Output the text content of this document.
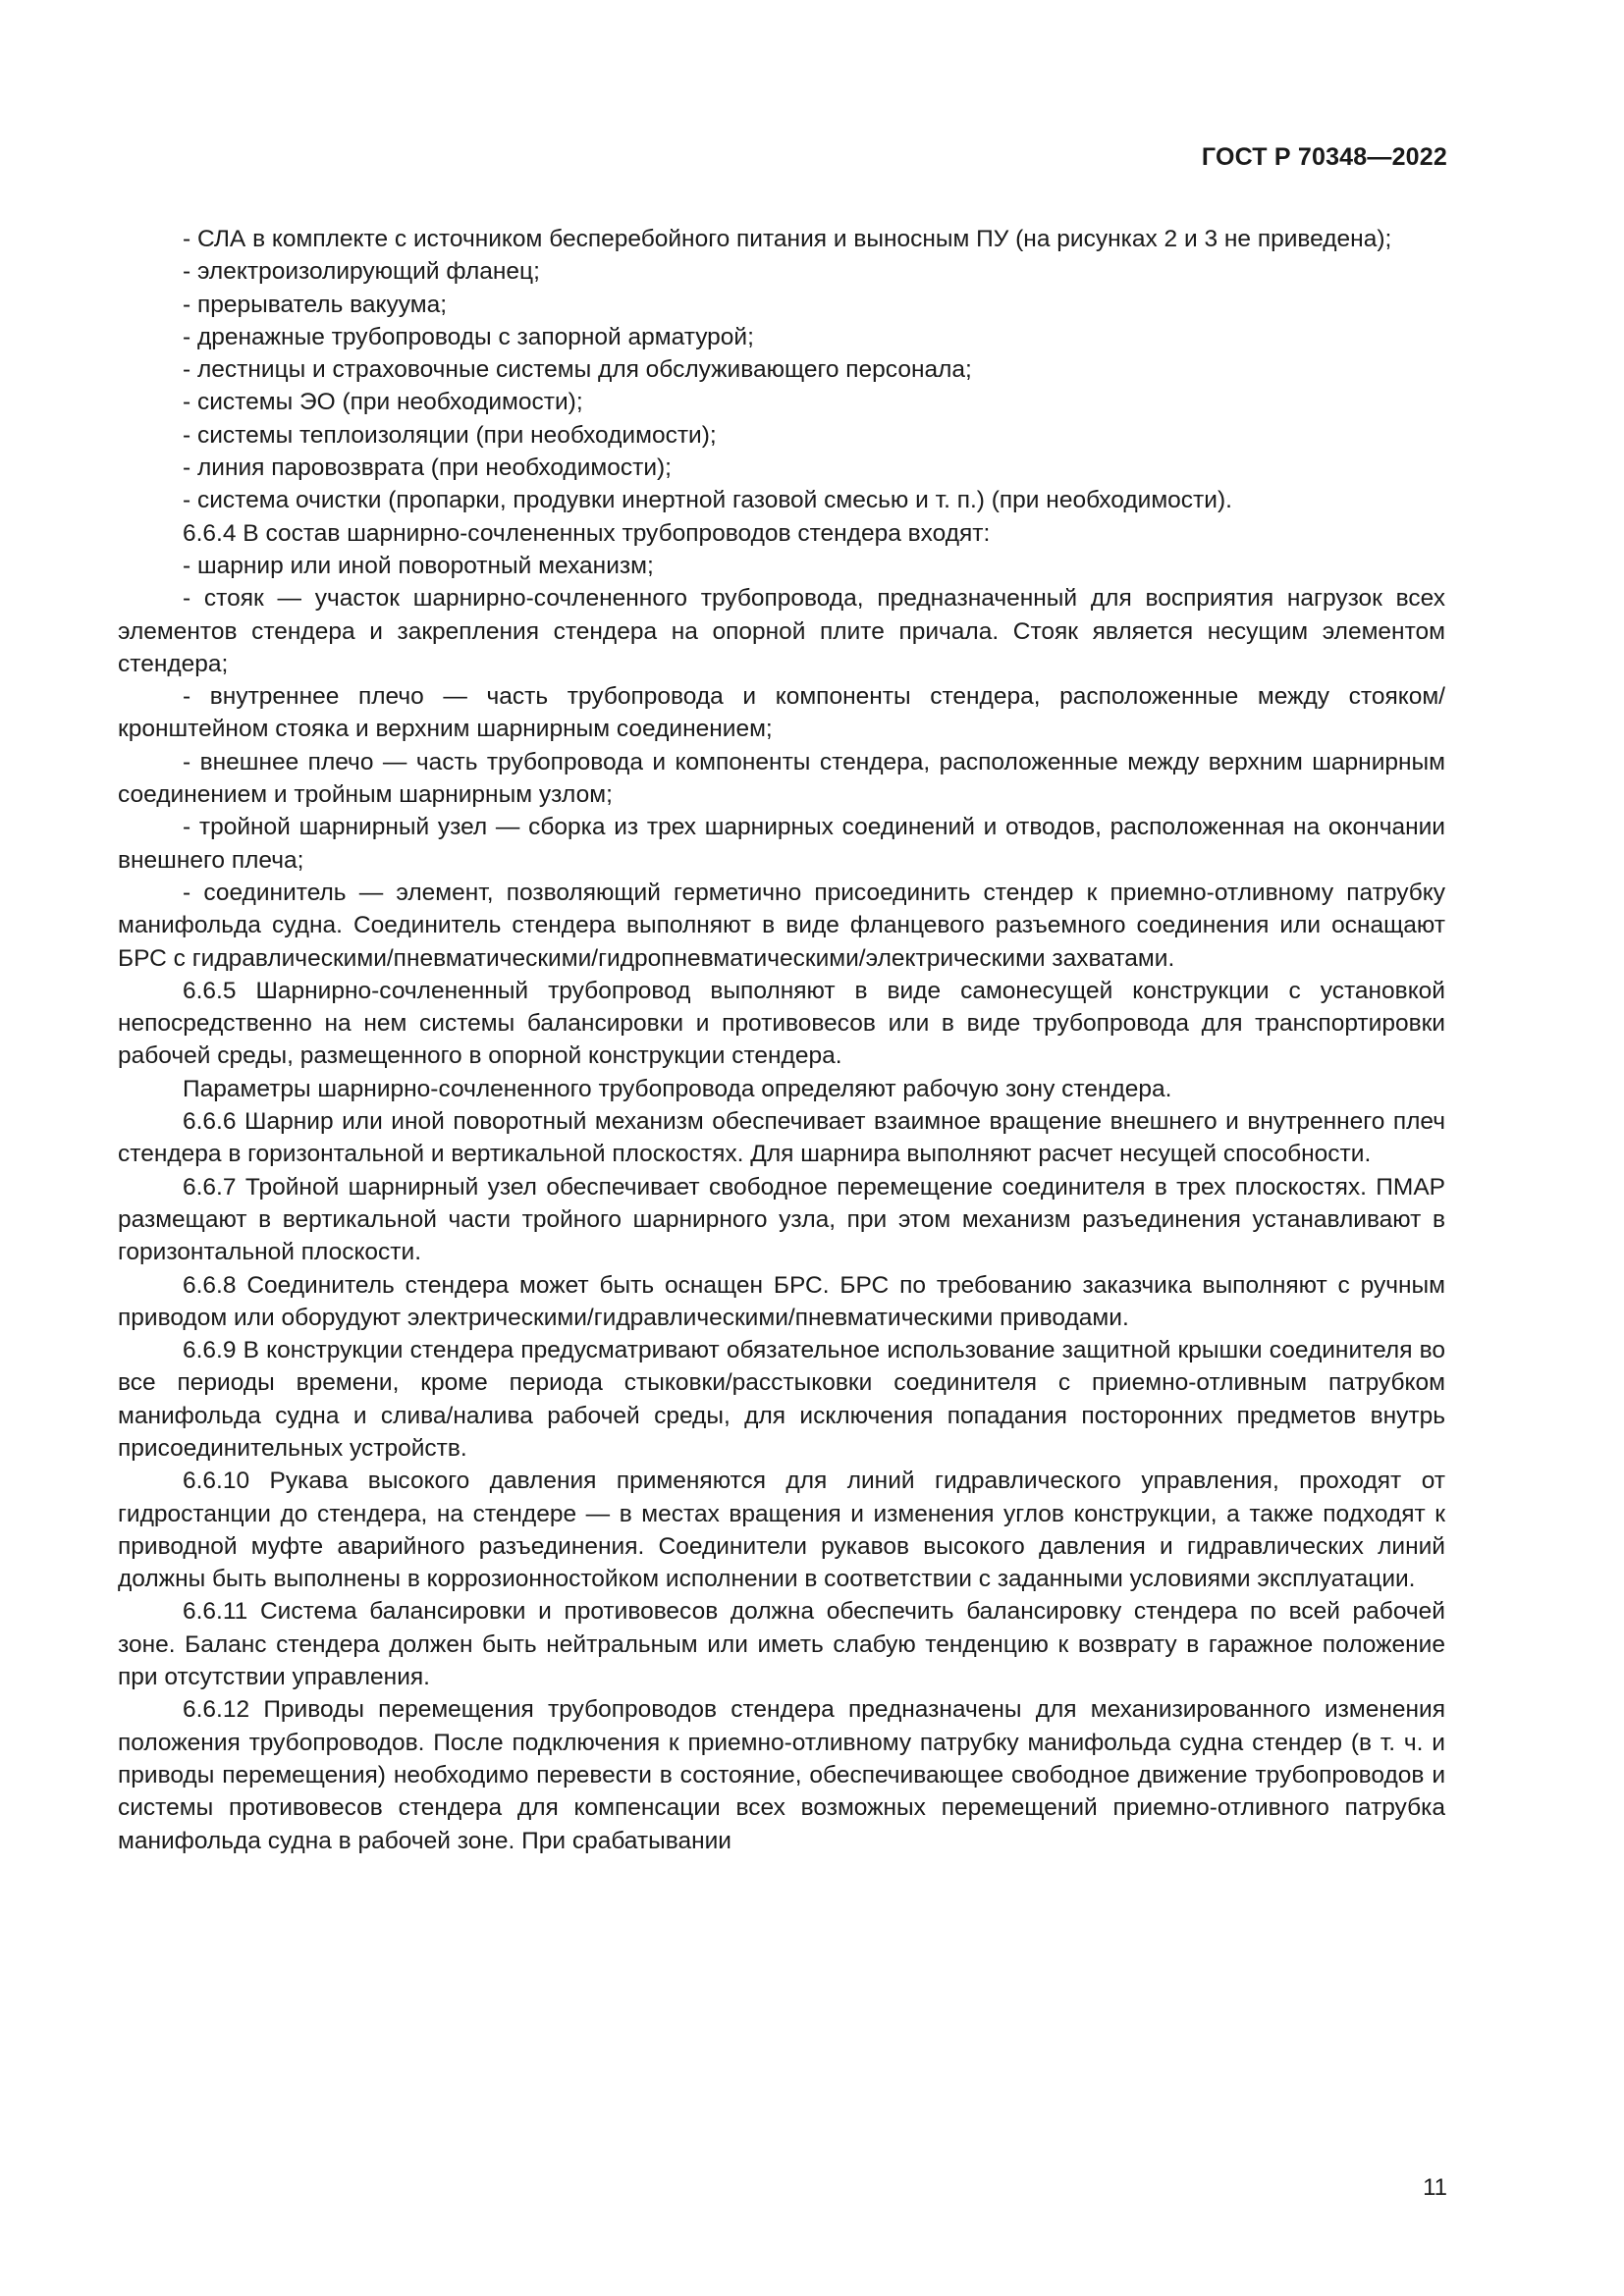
ГОСТ Р 70348—2022

- СЛА в комплекте с источником бесперебойного питания и выносным ПУ (на рисунках 2 и 3 не приведена);

- электроизолирующий фланец;

- прерыватель вакуума;

- дренажные трубопроводы с запорной арматурой;

- лестницы и страховочные системы для обслуживающего персонала;

- системы ЭО (при необходимости);

- системы теплоизоляции (при необходимости);

- линия паровозврата (при необходимости);

- система очистки (пропарки, продувки инертной газовой смесью и т. п.) (при необходимости).

6.6.4 В состав шарнирно-сочлененных трубопроводов стендера входят:

- шарнир или иной поворотный механизм;

- стояк — участок шарнирно-сочлененного трубопровода, предназначенный для восприятия нагрузок всех элементов стендера и закрепления стендера на опорной плите причала. Стояк является несущим элементом стендера;

- внутреннее плечо — часть трубопровода и компоненты стендера, расположенные между стояком/кронштейном стояка и верхним шарнирным соединением;

- внешнее плечо — часть трубопровода и компоненты стендера, расположенные между верхним шарнирным соединением и тройным шарнирным узлом;

- тройной шарнирный узел — сборка из трех шарнирных соединений и отводов, расположенная на окончании внешнего плеча;

- соединитель — элемент, позволяющий герметично присоединить стендер к приемно-отливному патрубку манифольда судна. Соединитель стендера выполняют в виде фланцевого разъемного соединения или оснащают БРС с гидравлическими/пневматическими/гидропневматическими/электрическими захватами.

6.6.5 Шарнирно-сочлененный трубопровод выполняют в виде самонесущей конструкции с установкой непосредственно на нем системы балансировки и противовесов или в виде трубопровода для транспортировки рабочей среды, размещенного в опорной конструкции стендера.

Параметры шарнирно-сочлененного трубопровода определяют рабочую зону стендера.

6.6.6 Шарнир или иной поворотный механизм обеспечивает взаимное вращение внешнего и внутреннего плеч стендера в горизонтальной и вертикальной плоскостях. Для шарнира выполняют расчет несущей способности.

6.6.7 Тройной шарнирный узел обеспечивает свободное перемещение соединителя в трех плоскостях. ПМАР размещают в вертикальной части тройного шарнирного узла, при этом механизм разъединения устанавливают в горизонтальной плоскости.

6.6.8 Соединитель стендера может быть оснащен БРС. БРС по требованию заказчика выполняют с ручным приводом или оборудуют электрическими/гидравлическими/пневматическими приводами.

6.6.9 В конструкции стендера предусматривают обязательное использование защитной крышки соединителя во все периоды времени, кроме периода стыковки/расстыковки соединителя с приемно-отливным патрубком манифольда судна и слива/налива рабочей среды, для исключения попадания посторонних предметов внутрь присоединительных устройств.

6.6.10 Рукава высокого давления применяются для линий гидравлического управления, проходят от гидростанции до стендера, на стендере — в местах вращения и изменения углов конструкции, а также подходят к приводной муфте аварийного разъединения. Соединители рукавов высокого давления и гидравлических линий должны быть выполнены в коррозионностойком исполнении в соответствии с заданными условиями эксплуатации.

6.6.11 Система балансировки и противовесов должна обеспечить балансировку стендера по всей рабочей зоне. Баланс стендера должен быть нейтральным или иметь слабую тенденцию к возврату в гаражное положение при отсутствии управления.

6.6.12 Приводы перемещения трубопроводов стендера предназначены для механизированного изменения положения трубопроводов. После подключения к приемно-отливному патрубку манифольда судна стендер (в т. ч. и приводы перемещения) необходимо перевести в состояние, обеспечивающее свободное движение трубопроводов и системы противовесов стендера для компенсации всех возможных перемещений приемно-отливного патрубка манифольда судна в рабочей зоне. При срабатывании

11
